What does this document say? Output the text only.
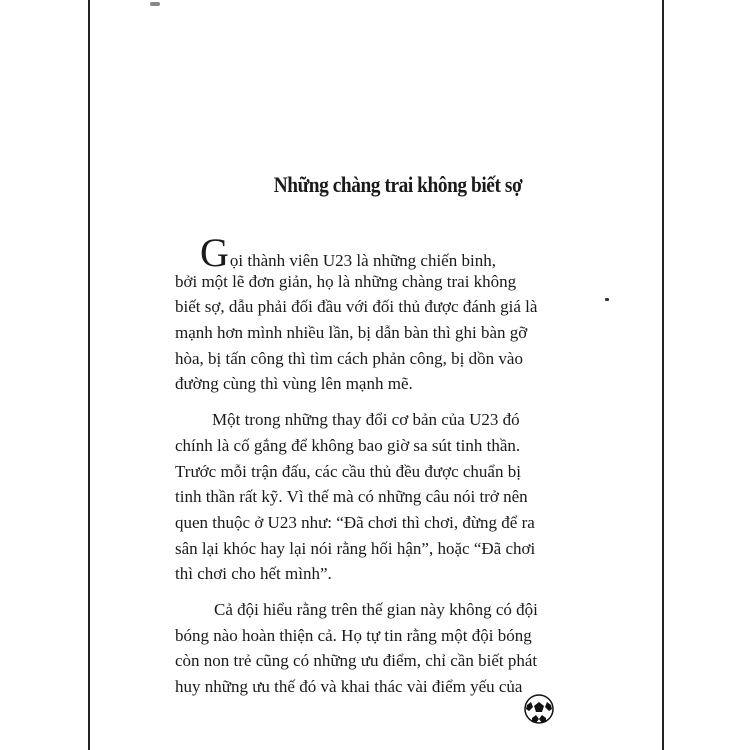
Những chàng trai không biết sợ
Gọi thành viên U23 là những chiến binh,
bởi một lẽ đơn giản, họ là những chàng trai không
biết sợ, dẫu phải đối đầu với đối thủ được đánh giá là
mạnh hơn mình nhiều lần, bị dẫn bàn thì ghi bàn gỡ
hòa, bị tấn công thì tìm cách phản công, bị dồn vào
đường cùng thì vùng lên mạnh mẽ.
Một trong những thay đổi cơ bản của U23 đó
chính là cố gắng để không bao giờ sa sút tinh thần.
Trước mỗi trận đấu, các cầu thủ đều được chuẩn bị
tinh thần rất kỹ. Vì thế mà có những câu nói trở nên
quen thuộc ở U23 như: “Đã chơi thì chơi, đừng để ra
sân lại khóc hay lại nói rằng hối hận”, hoặc “Đã chơi
thì chơi cho hết mình”.
Cả đội hiểu rằng trên thế gian này không có đội
bóng nào hoàn thiện cả. Họ tự tin rằng một đội bóng
còn non trẻ cũng có những ưu điểm, chỉ cần biết phát
huy những ưu thế đó và khai thác vài điểm yếu của
